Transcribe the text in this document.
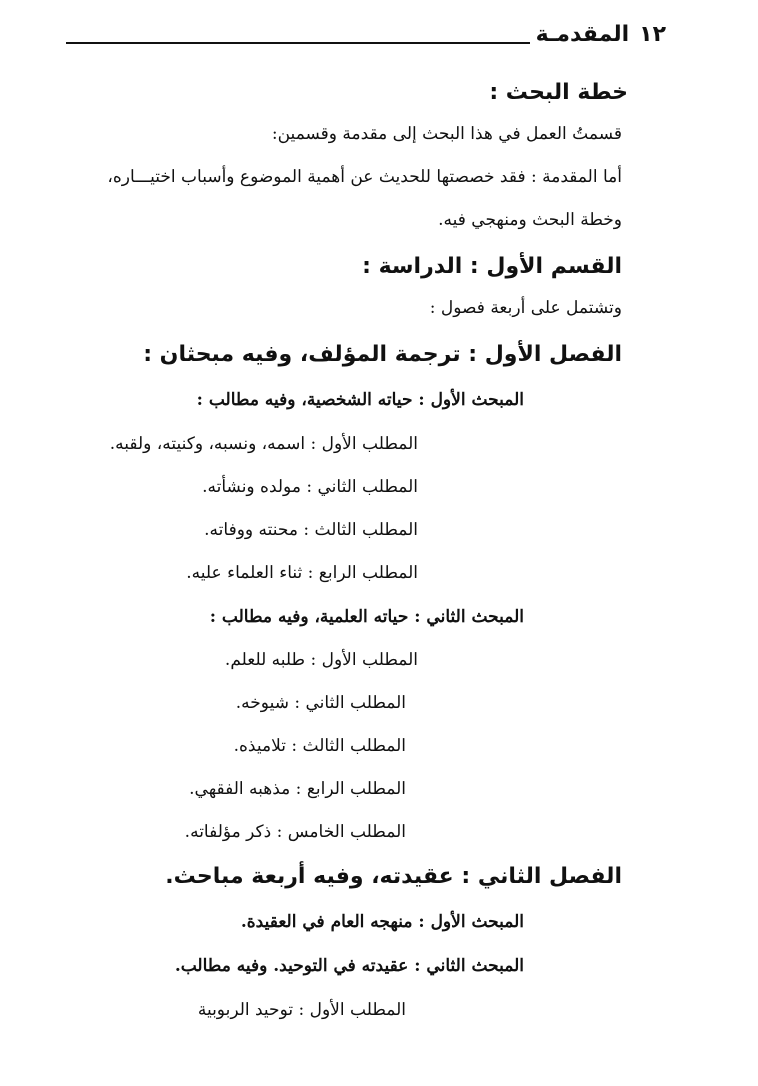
١٢
المقدمـة
خطة البحث :
قسمتُ العمل في هذا البحث إلى مقدمة وقسمين:
أما المقدمة : فقد خصصتها للحديث عن أهمية الموضوع وأسباب اختيـــاره،
وخطة البحث ومنهجي فيه.
القسم الأول : الدراسة :
وتشتمل على أربعة فصول :
الفصل الأول : ترجمة المؤلف، وفيه مبحثان :
المبحث الأول : حياته الشخصية، وفيه مطالب :
المطلب الأول : اسمه، ونسبه، وكنيته، ولقبه.
المطلب الثاني : مولده ونشأته.
المطلب الثالث : محنته ووفاته.
المطلب الرابع : ثناء العلماء عليه.
المبحث الثاني : حياته العلمية، وفيه مطالب :
المطلب الأول : طلبه للعلم.
المطلب الثاني : شيوخه.
المطلب الثالث : تلاميذه.
المطلب الرابع : مذهبه الفقهي.
المطلب الخامس : ذكر مؤلفاته.
الفصل الثاني : عقيدته، وفيه أربعة مباحث.
المبحث الأول : منهجه العام في العقيدة.
المبحث الثاني : عقيدته في التوحيد. وفيه مطالب.
المطلب الأول : توحيد الربوبية
